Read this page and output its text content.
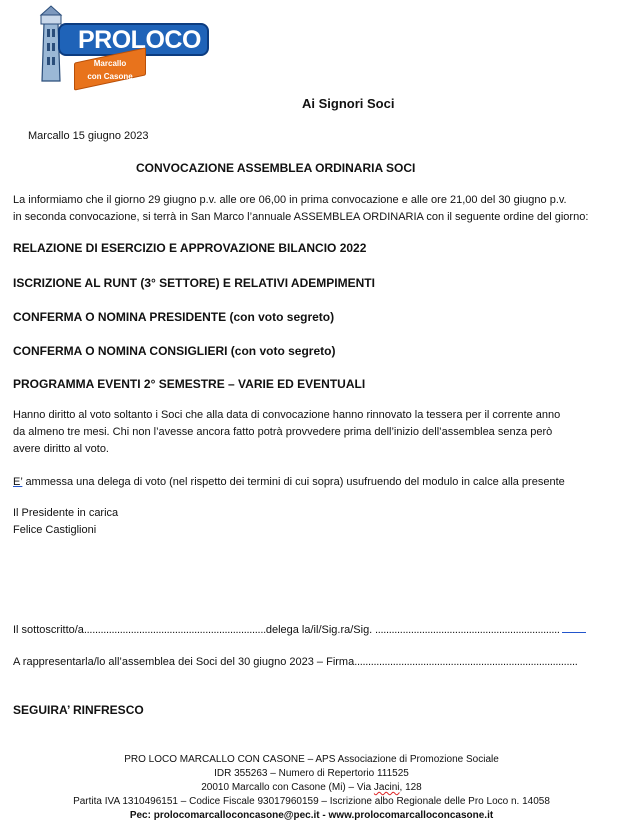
PROLOCO
Marcallo
con Casone
Ai Signori Soci
Marcallo 15 giugno 2023
CONVOCAZIONE ASSEMBLEA ORDINARIA SOCI
La informiamo che il giorno 29 giugno p.v. alle ore 06,00 in prima convocazione e alle ore 21,00 del 30 giugno p.v.
in seconda convocazione, si terrà in San Marco l’annuale ASSEMBLEA ORDINARIA con il seguente ordine del giorno:
RELAZIONE DI ESERCIZIO E APPROVAZIONE BILANCIO 2022
ISCRIZIONE AL RUNT (3° SETTORE) E RELATIVI ADEMPIMENTI
CONFERMA O NOMINA PRESIDENTE (con voto segreto)
CONFERMA O NOMINA CONSIGLIERI (con voto segreto)
PROGRAMMA EVENTI 2° SEMESTRE – VARIE ED EVENTUALI
Hanno diritto al voto soltanto i Soci che alla data di convocazione hanno rinnovato la tessera per il corrente anno
da almeno tre mesi. Chi non l’avesse ancora fatto potrà provvedere prima dell’inizio dell’assemblea senza però
avere diritto al voto.
E’ ammessa una delega di voto (nel rispetto dei termini di cui sopra) usufruendo del modulo in calce alla presente
Il Presidente in carica
Felice Castiglioni
Il sottoscritto/a..................................................................delega la/il/Sig.ra/Sig. ...................................................................
A rappresentarla/lo all’assemblea dei Soci del 30 giugno 2023 – Firma.................................................................................
SEGUIRA’ RINFRESCO
PRO LOCO MARCALLO CON CASONE – APS Associazione di Promozione Sociale
IDR 355263 – Numero di Repertorio 111525
20010 Marcallo con Casone (Mi) – Via Jacini, 128
Partita IVA 1310496151 – Codice Fiscale 93017960159 – Iscrizione albo Regionale delle Pro Loco n. 14058
Pec: prolocomarcalloconcasone@pec.it - www.prolocomarcalloconcasone.it
